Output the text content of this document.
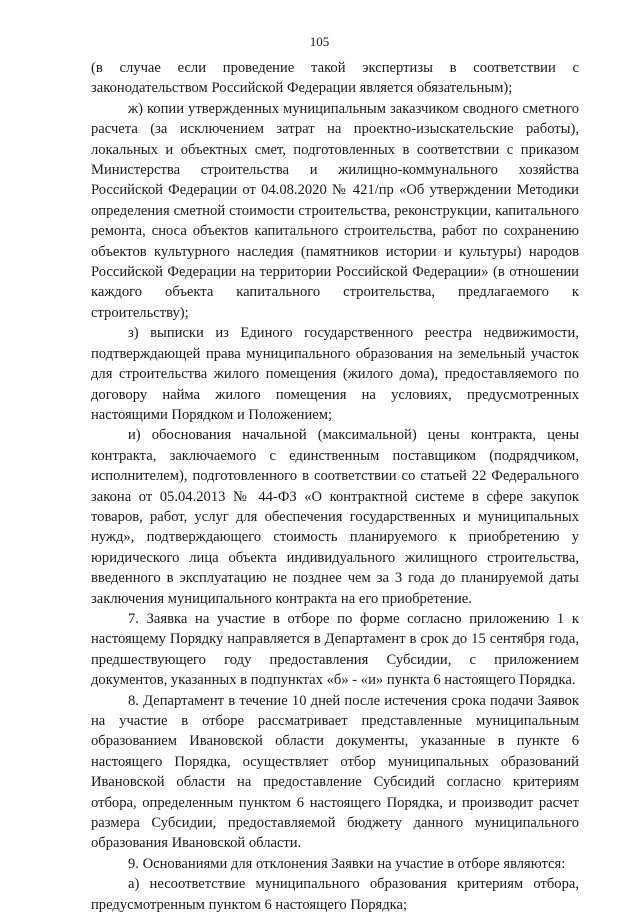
105

(в случае если проведение такой экспертизы в соответствии с законодательством Российской Федерации является обязательным);

ж) копии утвержденных муниципальным заказчиком сводного сметного расчета (за исключением затрат на проектно-изыскательские работы), локальных и объектных смет, подготовленных в соответствии с приказом Министерства строительства и жилищно-коммунального хозяйства Российской Федерации от 04.08.2020 № 421/пр «Об утверждении Методики определения сметной стоимости строительства, реконструкции, капитального ремонта, сноса объектов капитального строительства, работ по сохранению объектов культурного наследия (памятников истории и культуры) народов Российской Федерации на территории Российской Федерации» (в отношении каждого объекта капитального строительства, предлагаемого к строительству);

з) выписки из Единого государственного реестра недвижимости, подтверждающей права муниципального образования на земельный участок для строительства жилого помещения (жилого дома), предоставляемого по договору найма жилого помещения на условиях, предусмотренных настоящими Порядком и Положением;

и) обоснования начальной (максимальной) цены контракта, цены контракта, заключаемого с единственным поставщиком (подрядчиком, исполнителем), подготовленного в соответствии со статьей 22 Федерального закона от 05.04.2013 № 44-ФЗ «О контрактной системе в сфере закупок товаров, работ, услуг для обеспечения государственных и муниципальных нужд», подтверждающего стоимость планируемого к приобретению у юридического лица объекта индивидуального жилищного строительства, введенного в эксплуатацию не позднее чем за 3 года до планируемой даты заключения муниципального контракта на его приобретение.

7. Заявка на участие в отборе по форме согласно приложению 1 к настоящему Порядку направляется в Департамент в срок до 15 сентября года, предшествующего году предоставления Субсидии, с приложением документов, указанных в подпунктах «б» - «и» пункта 6 настоящего Порядка.

8. Департамент в течение 10 дней после истечения срока подачи Заявок на участие в отборе рассматривает представленные муниципальным образованием Ивановской области документы, указанные в пункте 6 настоящего Порядка, осуществляет отбор муниципальных образований Ивановской области на предоставление Субсидий согласно критериям отбора, определенным пунктом 6 настоящего Порядка, и производит расчет размера Субсидии, предоставляемой бюджету данного муниципального образования Ивановской области.

9. Основаниями для отклонения Заявки на участие в отборе являются:

а) несоответствие муниципального образования критериям отбора, предусмотренным пунктом 6 настоящего Порядка;
